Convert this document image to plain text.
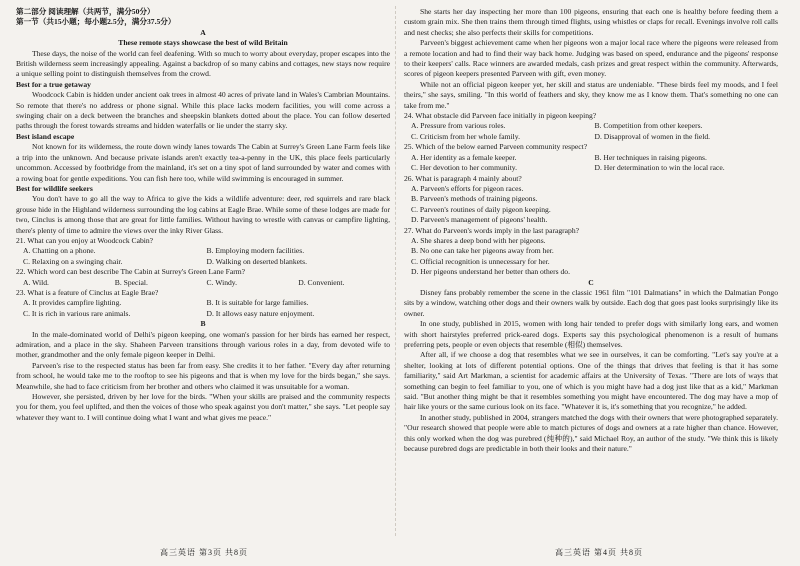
第二部分 阅读理解（共两节，满分50分）
第一节（共15小题；每小题2.5分，满分37.5分）
A
These remote stays showcase the best of wild Britain

These days, the noise of the world can feel deafening. With so much to worry about everyday, proper escapes into the British wilderness seem increasingly appealing. Against a backdrop of so many cabins and cottages, new stays now require a unique selling point to distinguish themselves from the crowd.

Best for a true getaway

Woodcock Cabin is hidden under ancient oak trees in almost 40 acres of private land in Wales's Cambrian Mountains. So remote that there's no address or phone signal. While this place lacks modern facilities, you will come across a swinging chair on a deck between the branches and sheepskin blankets dotted about the place. You can follow deserted paths through the forest towards streams and hidden waterfalls or lie under the starry sky.

Best island escape

Not known for its wilderness, the route down windy lanes towards The Cabin at Surrey's Green Lane Farm feels like a trip into the unknown. And because private islands aren't exactly tea-a-penny in the UK, this place feels particularly uncommon. Accessed by footbridge from the mainland, it's set on a tiny spot of land surrounded by water and comes with a rowing boat for gentle expeditions. You can fish here too, while wild swimming is encouraged in summer.

Best for wildlife seekers

You don't have to go all the way to Africa to give the kids a wildlife adventure: deer, red squirrels and rare black grouse hide in the Highland wilderness surrounding the log cabins at Eagle Brae. While some of these lodges are made for two, Cinclus is among those that are great for little families. Without having to wrestle with canvas or campfire lighting, there's plenty of time to admire the views over the inky River Glass.

21. What can you enjoy at Woodcock Cabin?
A. Chatting on a phone.	B. Employing modern facilities.
C. Relaxing on a swinging chair.	D. Walking on deserted blankets.
22. Which word can best describe The Cabin at Surrey's Green Lane Farm?
A. Wild.	B. Special.	C. Windy.	D. Convenient.
23. What is a feature of Cinclus at Eagle Brae?
A. It provides campfire lighting.	B. It is suitable for large families.
C. It is rich in various rare animals.	D. It allows easy nature enjoyment.
B

In the male-dominated world of Delhi's pigeon keeping, one woman's passion for her birds has earned her respect, admiration, and a place in the sky. Shaheen Parveen transitions through various roles in a day, from devoted wife to mother, grandmother and the only female pigeon keeper in Delhi.

Parveen's rise to the respected status has been far from easy. She credits it to her father. "Every day after returning from school, he would take me to the rooftop to see his pigeons and that is when my love for the birds began," she says. Meanwhile, she had to face criticism from her brother and others who claimed it was unsuitable for a woman.

However, she persisted, driven by her love for the birds. "When your skills are praised and the community respects you for them, you feel uplifted, and then the voices of those who speak against you don't matter," she says. "Let people say whatever they want to. I will continue doing what I want and what gives me peace."

She starts her day inspecting her more than 100 pigeons, ensuring that each one is healthy before feeding them a custom grain mix. She then trains them through timed flights, using whistles or claps for recall. Evenings involve roll calls and nest checks; she also perfects their skills for competitions.

Parveen's biggest achievement came when her pigeons won a major local race where the pigeons were released from a remote location and had to find their way back home. Judging was based on speed, endurance and the pigeons' response to their keepers' calls. Race winners are awarded medals, cash prizes and great respect within the community. Afterwards, scores of pigeon keepers presented Parveen with gift, even money.

While not an official pigeon keeper yet, her skill and status are undeniable. "These birds feel my moods, and I feel theirs," she says, smiling. "In this world of feathers and sky, they know me as I know them. That's something no one can take from me."

24. What obstacle did Parveen face initially in pigeon keeping?
A. Pressure from various roles.	B. Competition from other keepers.
C. Criticism from her whole family.	D. Disapproval of women in the field.
25. Which of the below earned Parveen community respect?
A. Her identity as a female keeper.	B. Her techniques in raising pigeons.
C. Her devotion to her community.	D. Her determination to win the local race.
26. What is paragraph 4 mainly about?
A. Parveen's efforts for pigeon races.
B. Parveen's methods of training pigeons.
C. Parveen's routines of daily pigeon keeping.
D. Parveen's management of pigeons' health.
27. What do Parveen's words imply in the last paragraph?
A. She shares a deep bond with her pigeons.
B. No one can take her pigeons away from her.
C. Official recognition is unnecessary for her.
D. Her pigeons understand her better than others do.
C

Disney fans probably remember the scene in the classic 1961 film "101 Dalmatians" in which the Dalmatian Pongo sits by a window, watching other dogs and their owners walk by outside. Each dog that goes past looks surprisingly like its owner.

In one study, published in 2015, women with long hair tended to prefer dogs with similarly long ears, and women with short hairstyles preferred prick-eared dogs. Experts say this psychological phenomenon is a result of humans preferring pets, people or even objects that resemble (相似) themselves.

After all, if we choose a dog that resembles what we see in ourselves, it can be comforting. "Let's say you're at a shelter, looking at lots of different potential options. One of the things that drives that feeling is that it has some familiarity," said Art Markman, a scientist for academic affairs at the University of Texas. "There are lots of ways that something can begin to feel familiar to you, one of which is you might have had a dog just like that as a kid," Markman said. "But another thing might be that it resembles something you might have encountered. The dog may have a mop of hair like yours or the same curious look on its face. "Whatever it is, it's something that you recognize," he added.

In another study, published in 2004, strangers matched the dogs with their owners that were photographed separately. "Our research showed that people were able to match pictures of dogs and owners at a rate higher than chance. However, this only worked when the dog was purebred (纯种的)," said Michael Roy, an author of the study. "We think this is likely because purebred dogs are predictable in both their looks and their nature."

高三英语 第3页 共8页	高三英语 第4页 共8页
